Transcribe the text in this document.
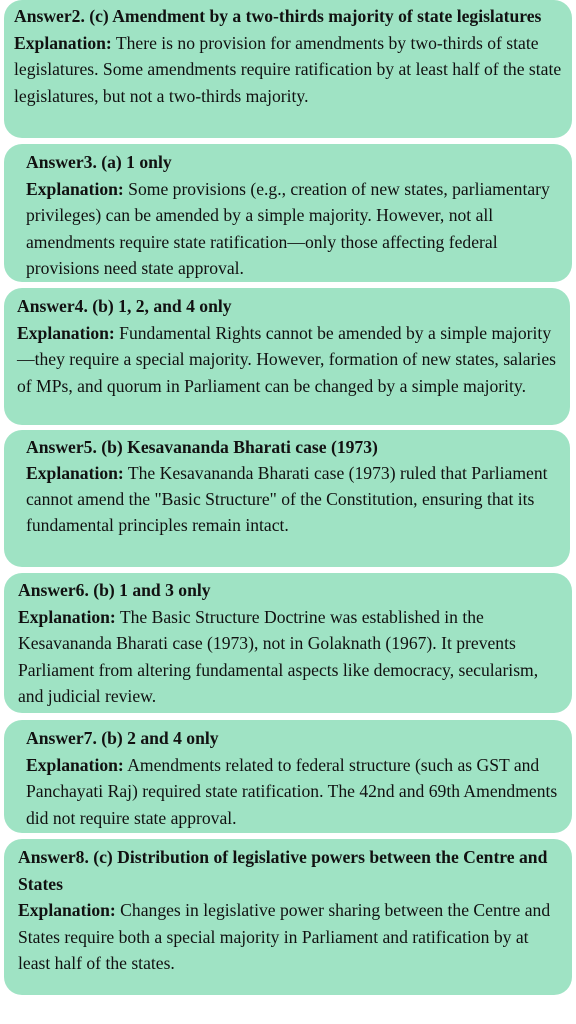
Answer2. (c) Amendment by a two-thirds majority of state legislatures
Explanation: There is no provision for amendments by two-thirds of state legislatures. Some amendments require ratification by at least half of the state legislatures, but not a two-thirds majority.
Answer3. (a) 1 only
Explanation: Some provisions (e.g., creation of new states, parliamentary privileges) can be amended by a simple majority. However, not all amendments require state ratification—only those affecting federal provisions need state approval.
Answer4. (b) 1, 2, and 4 only
Explanation: Fundamental Rights cannot be amended by a simple majority—they require a special majority. However, formation of new states, salaries of MPs, and quorum in Parliament can be changed by a simple majority.
Answer5. (b) Kesavananda Bharati case (1973)
Explanation: The Kesavananda Bharati case (1973) ruled that Parliament cannot amend the "Basic Structure" of the Constitution, ensuring that its fundamental principles remain intact.
Answer6. (b) 1 and 3 only
Explanation: The Basic Structure Doctrine was established in the Kesavananda Bharati case (1973), not in Golaknath (1967). It prevents Parliament from altering fundamental aspects like democracy, secularism, and judicial review.
Answer7. (b) 2 and 4 only
Explanation: Amendments related to federal structure (such as GST and Panchayati Raj) required state ratification. The 42nd and 69th Amendments did not require state approval.
Answer8. (c) Distribution of legislative powers between the Centre and States
Explanation: Changes in legislative power sharing between the Centre and States require both a special majority in Parliament and ratification by at least half of the states.
